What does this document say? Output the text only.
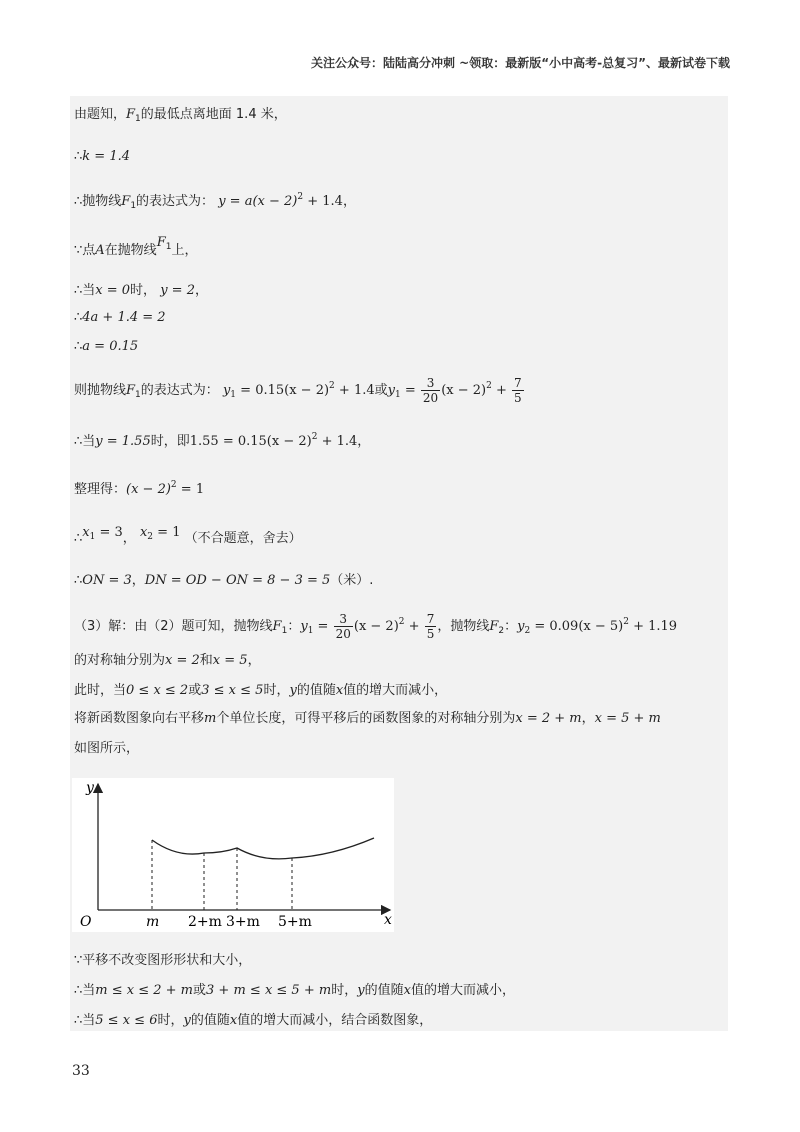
关注公众号：陆陆高分冲刺 ~领取：最新版“小中高考-总复习”、最新试卷下载
由题知，$F_1$的最低点离地面 1.4 米，
∴k = 1.4
∴抛物线$F_1$的表达式为： $y = a(x - 2)^2 + 1.4$，
∵点A在抛物线$F^1$上，
∴当x = 0时， y = 2，
∴4a + 1.4 = 2
∴a = 0.15
则抛物线$F_1$的表达式为： $y_1 = 0.15(x - 2)^2 + 1.4$或$y_1 = \frac{3}{20} (x - 2)^2 + \frac{7}{5}$
∴当y = 1.55时，即$1.55 = 0.15(x - 2)^2 + 1.4$，
整理得：$(x - 2)^2 = 1$
$\therefore x^1 = 3$， $x^2 = 1$ （不合题意，舍去）
∴ON = 3，DN = OD − ON = 8 − 3 = 5（米）.
（3）解：由（2）题可知，抛物线$F_1$：$y_1 = \frac{3}{20} (x - 2)^2 + \frac{7}{5}$ ，抛物线$F_2$：$y_2 = 0.09(x - 5)^2 + 1.19$
的对称轴分别为x = 2和x = 5，
此时，当0 ≤ x ≤ 2或3 ≤ x ≤ 5时，y的值随x值的增大而减小，
将新函数图象向右平移m个单位长度，可得平移后的函数图象的对称轴分别为x = 2 + m，x = 5 + m
如图所示，
y
x
O	m 2+m 3+m 5+m
∵平移不改变图形形状和大小，
∴当m ≤ x ≤ 2 + m或3 + m ≤ x ≤ 5 + m时，y的值随x值的增大而减小，
∴当5 ≤ x ≤ 6时，y的值随x值的增大而减小，结合函数图象，
33
